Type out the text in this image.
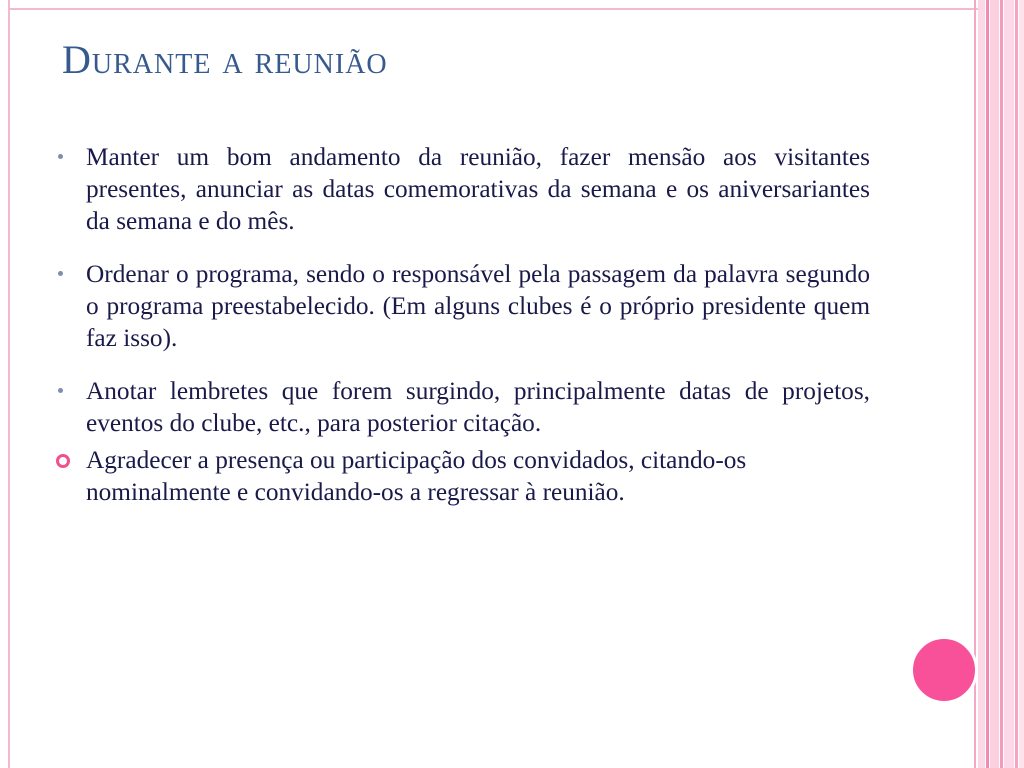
Durante a reunião
Manter um bom andamento da reunião, fazer mensão aos visitantes presentes, anunciar as datas comemorativas da semana e os aniversariantes da semana e do mês.
Ordenar o programa, sendo o responsável pela passagem da palavra segundo o programa preestabelecido. (Em alguns clubes é o próprio presidente quem faz isso).
Anotar lembretes que forem surgindo, principalmente datas de projetos, eventos do clube, etc., para posterior citação.
Agradecer a presença ou participação dos convidados, citando-os nominalmente e convidando-os a regressar à reunião.
